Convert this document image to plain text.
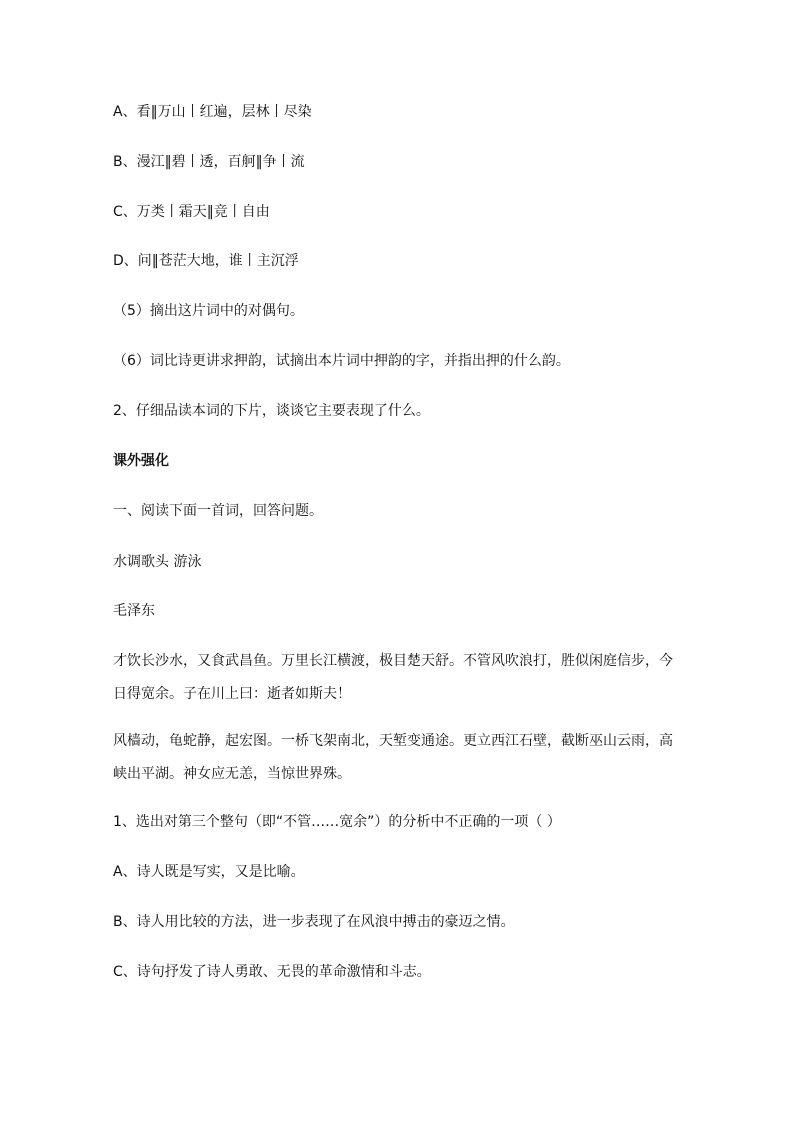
A、看‖万山丨红遍，层林丨尽染
B、漫江‖碧丨透，百舸‖争丨流
C、万类丨霜天‖竞丨自由
D、问‖苍茫大地，谁丨主沉浮
（5）摘出这片词中的对偶句。
（6）词比诗更讲求押韵，试摘出本片词中押韵的字，并指出押的什么韵。
2、仔细品读本词的下片，谈谈它主要表现了什么。
课外强化
一、阅读下面一首词，回答问题。
水调歌头 游泳
毛泽东
才饮长沙水，又食武昌鱼。万里长江横渡，极目楚天舒。不管风吹浪打，胜似闲庭信步，今日得宽余。子在川上曰：逝者如斯夫！
风樯动，龟蛇静，起宏图。一桥飞架南北，天堑变通途。更立西江石壁，截断巫山云雨，高峡出平湖。神女应无恙，当惊世界殊。
1、选出对第三个整句（即“不管……宽余”）的分析中不正确的一项（ ）
A、诗人既是写实，又是比喻。
B、诗人用比较的方法，进一步表现了在风浪中搏击的豪迈之情。
C、诗句抒发了诗人勇敢、无畏的革命激情和斗志。
